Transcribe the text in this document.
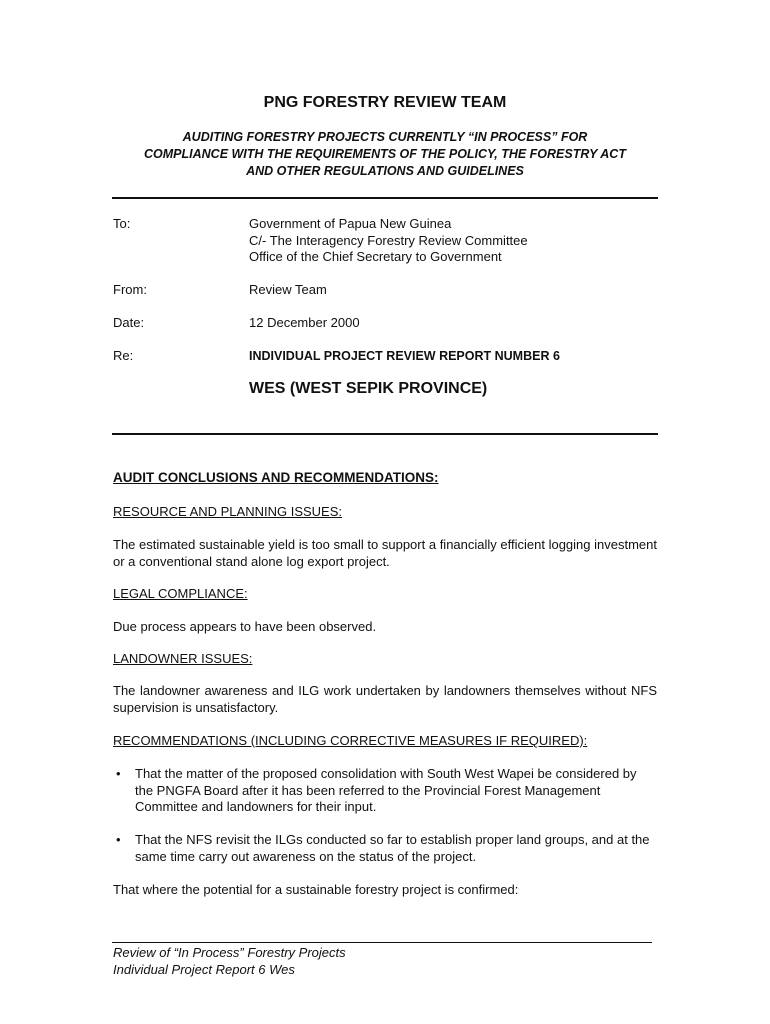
PNG FORESTRY REVIEW TEAM
AUDITING FORESTRY PROJECTS CURRENTLY “IN PROCESS” FOR
COMPLIANCE WITH THE REQUIREMENTS OF THE POLICY, THE FORESTRY ACT
AND OTHER REGULATIONS AND GUIDELINES
To:	Government of Papua New Guinea
C/- The Interagency Forestry Review Committee
Office of the Chief Secretary to Government
From:	Review Team
Date:	12 December 2000
Re:	INDIVIDUAL PROJECT REVIEW REPORT NUMBER 6
WES (WEST SEPIK PROVINCE)
AUDIT CONCLUSIONS AND RECOMMENDATIONS:
RESOURCE AND PLANNING ISSUES:
The estimated sustainable yield is too small to support a financially efficient logging investment or a conventional stand alone log export project.
LEGAL COMPLIANCE:
Due process appears to have been observed.
LANDOWNER ISSUES:
The landowner awareness and ILG work undertaken by landowners themselves without NFS supervision is unsatisfactory.
RECOMMENDATIONS (INCLUDING CORRECTIVE MEASURES IF REQUIRED):
• That the matter of the proposed consolidation with South West Wapei be considered by the PNGFA Board after it has been referred to the Provincial Forest Management Committee and landowners for their input.
• That the NFS revisit the ILGs conducted so far to establish proper land groups, and at the same time carry out awareness on the status of the project.
That where the potential for a sustainable forestry project is confirmed:
Review of “In Process” Forestry Projects
Individual Project Report 6 Wes
